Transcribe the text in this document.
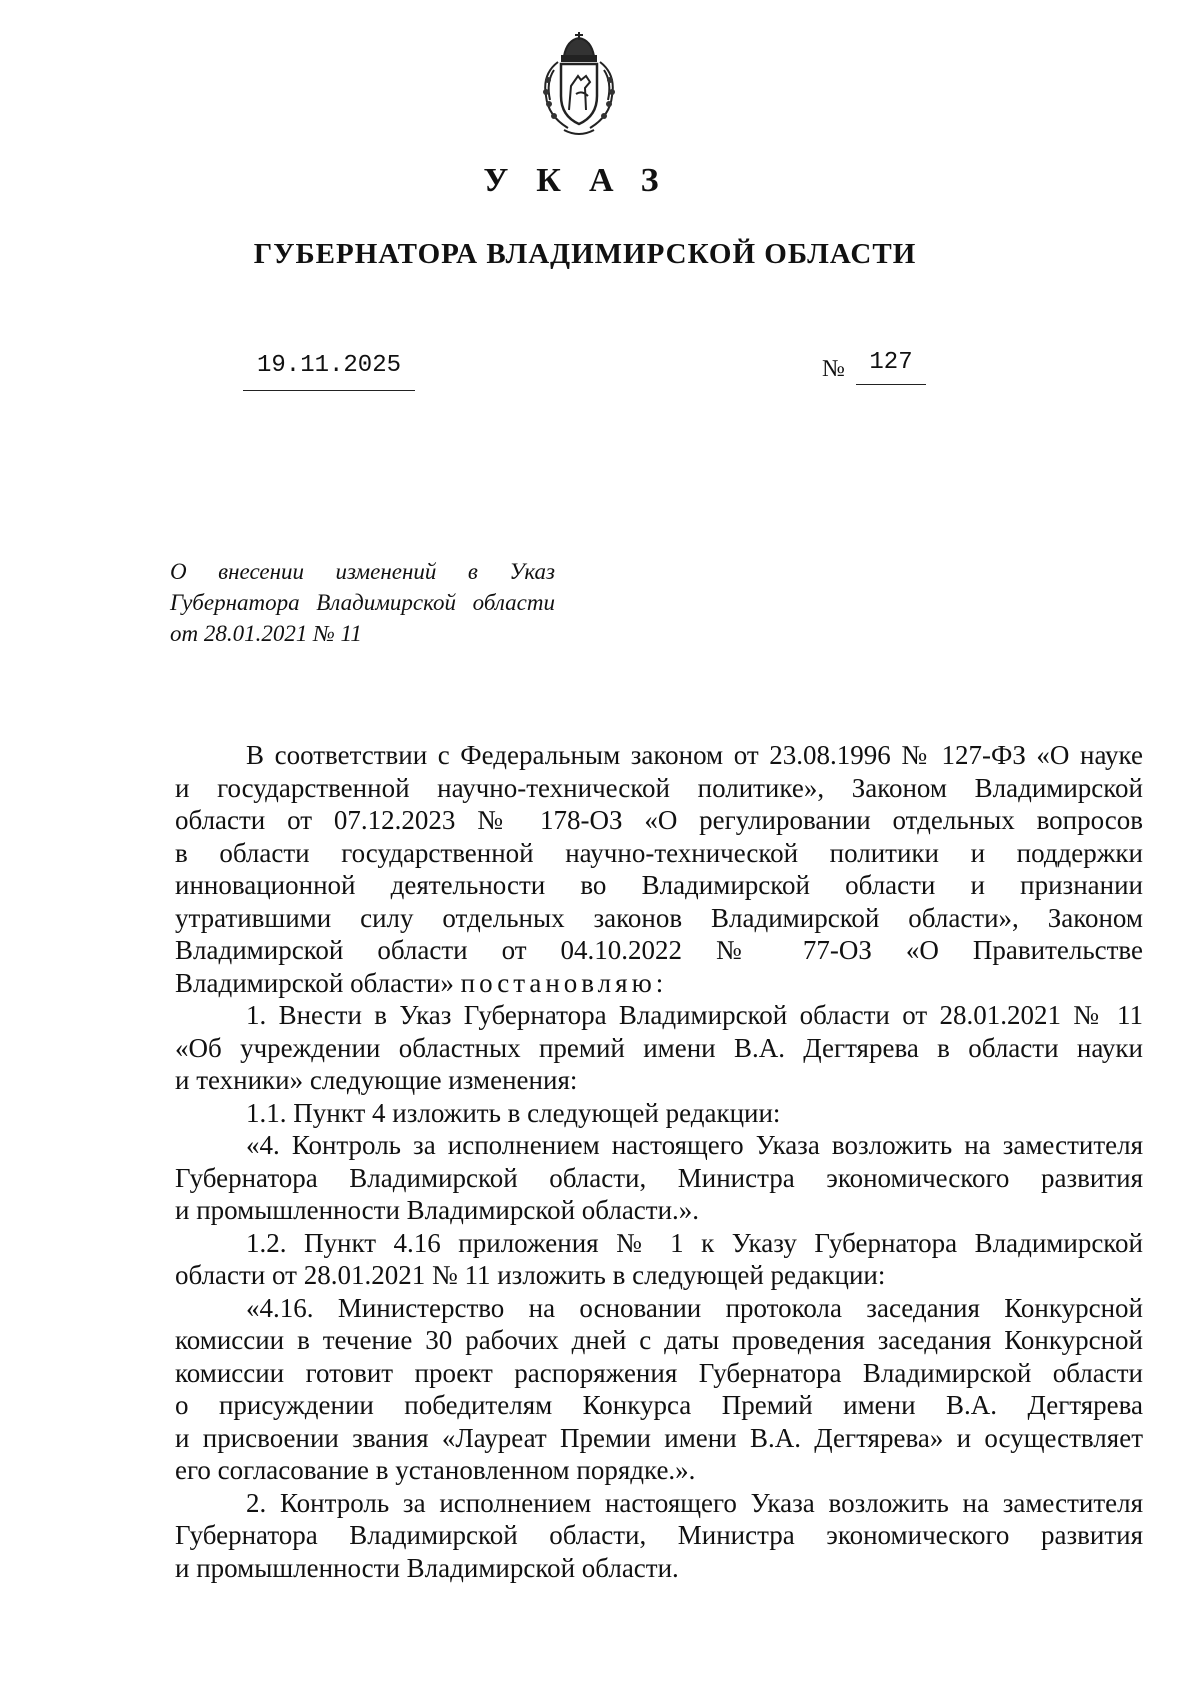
УКАЗ
ГУБЕРНАТОРА ВЛАДИМИРСКОЙ ОБЛАСТИ
19.11.2025	№	127
О внесении изменений в Указ
Губернатора Владимирской области
от 28.01.2021 № 11
В соответствии с Федеральным законом от 23.08.1996 № 127-ФЗ «О науке
и государственной научно-технической политике», Законом Владимирской
области от 07.12.2023 № 178-ОЗ «О регулировании отдельных вопросов
в области государственной научно-технической политики и поддержки
инновационной деятельности во Владимирской области и признании
утратившими силу отдельных законов Владимирской области», Законом
Владимирской области от 04.10.2022 № 77-ОЗ «О Правительстве
Владимирской области» постановляю:
1. Внести в Указ Губернатора Владимирской области от 28.01.2021 № 11
«Об учреждении областных премий имени В.А. Дегтярева в области науки
и техники» следующие изменения:
1.1. Пункт 4 изложить в следующей редакции:
«4. Контроль за исполнением настоящего Указа возложить на заместителя
Губернатора Владимирской области, Министра экономического развития
и промышленности Владимирской области.».
1.2. Пункт 4.16 приложения № 1 к Указу Губернатора Владимирской
области от 28.01.2021 № 11 изложить в следующей редакции:
«4.16. Министерство на основании протокола заседания Конкурсной
комиссии в течение 30 рабочих дней с даты проведения заседания Конкурсной
комиссии готовит проект распоряжения Губернатора Владимирской области
о присуждении победителям Конкурса Премий имени В.А. Дегтярева
и присвоении звания «Лауреат Премии имени В.А. Дегтярева» и осуществляет
его согласование в установленном порядке.».
2. Контроль за исполнением настоящего Указа возложить на заместителя
Губернатора Владимирской области, Министра экономического развития
и промышленности Владимирской области.
